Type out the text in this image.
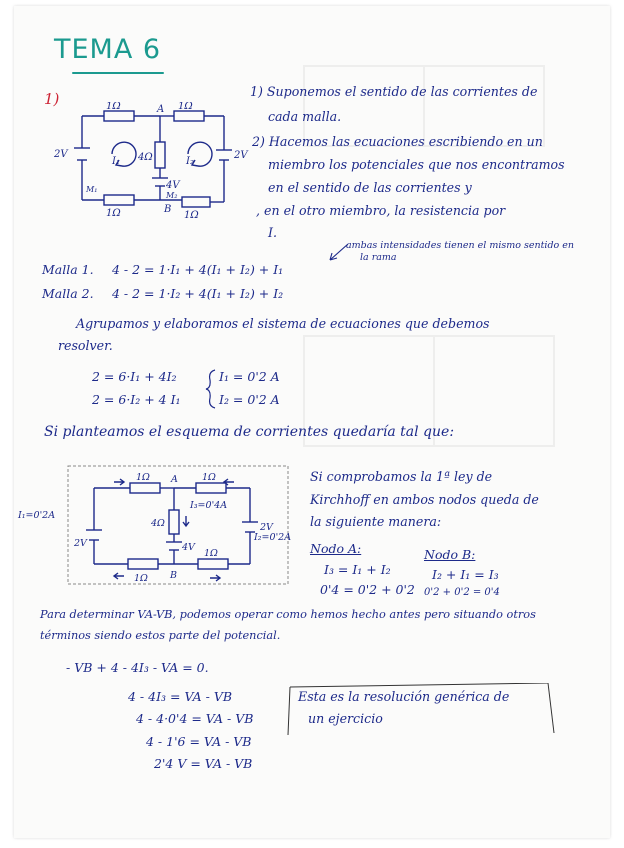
TEMA 6
1)	1Ω	1Ω
A
4Ω
2V	2V
4V
B
1Ω	1Ω
I₁	I₂
M₁
M₂
1) Suponemos el sentido de las corrientes de
cada malla.
2) Hacemos las ecuaciones escribiendo en un
miembro los potenciales que nos encontramos
en el sentido de las corrientes y
, en el otro miembro, la resistencia por
I.
ambas intensidades tienen el mismo sentido en
la rama
Malla 1. 4 - 2 = 1·I₁ + 4(I₁ + I₂) + I₁
Malla 2. 4 - 2 = 1·I₂ + 4(I₁ + I₂) + I₂
Agrupamos y elaboramos el sistema de ecuaciones que debemos
resolver.
2 = 6·I₁ + 4I₂
2 = 6·I₂ + 4 I₁
I₁ = 0'2 A
I₂ = 0'2 A
Si planteamos el esquema de corrientes quedaría tal que:
1Ω	1Ω
A
4Ω
I₃=0'4A
2V
2V
4V
B
1Ω
1Ω
I₁=0'2A
I₂=0'2A
Si comprobamos la 1ª ley de
Kirchhoff en ambos nodos queda de
la siguiente manera:
Nodo A:
I₃ = I₁ + I₂
0'4 = 0'2 + 0'2
Nodo B:
I₂ + I₁ = I₃
0'2 + 0'2 = 0'4
Para determinar VA-VB, podemos operar como hemos hecho antes pero situando otros
términos siendo estos parte del potencial.
- VB + 4 - 4I₃ - VA = 0.
4 - 4I₃ = VA - VB
4 - 4·0'4 = VA - VB
4 - 1'6 = VA - VB
2'4 V = VA - VB
Esta es la resolución genérica de
un ejercicio
